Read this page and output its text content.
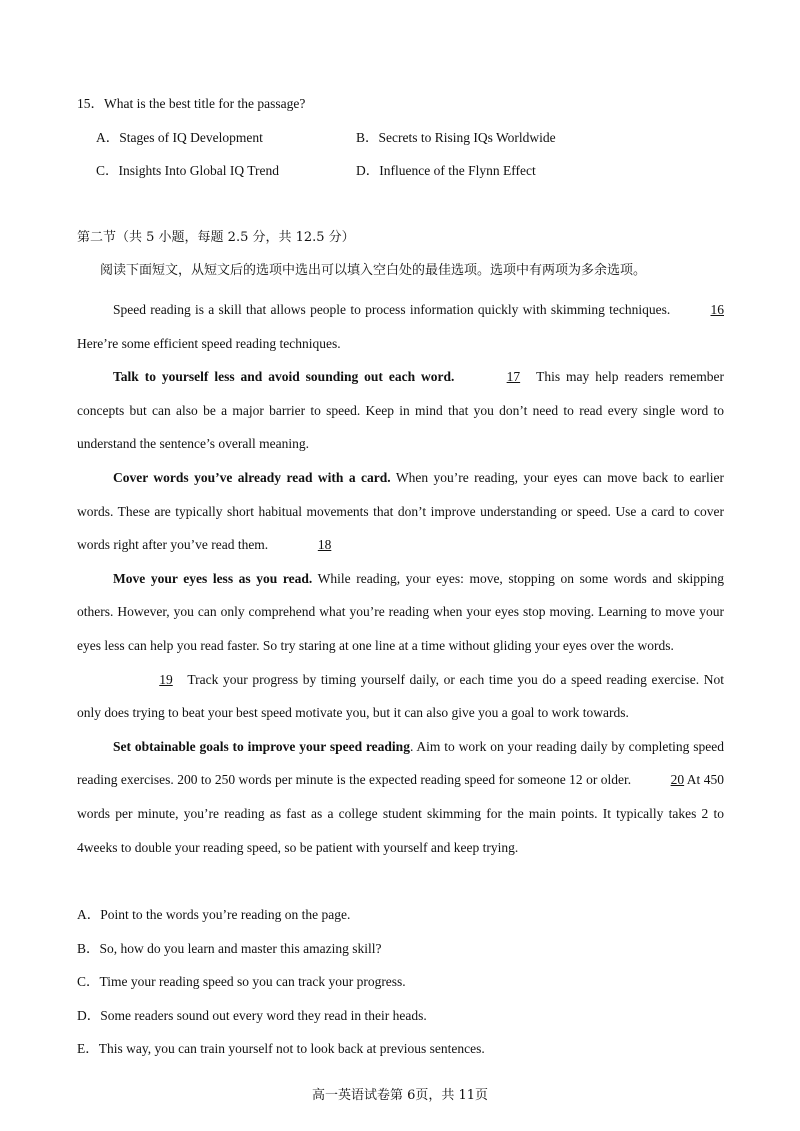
15．What is the best title for the passage?
A．Stages of IQ Development	B．Secrets to Rising IQs Worldwide
C．Insights Into Global IQ Trend	D．Influence of the Flynn Effect
第二节（共 5 小题，每题 2.5 分，共 12.5 分）
阅读下面短文，从短文后的选项中选出可以填入空白处的最佳选项。选项中有两项为多余选项。

Speed reading is a skill that allows people to process information quickly with skimming techniques.	16 Here’re some efficient speed reading techniques.

Talk to yourself less and avoid sounding out each word.	17 This may help readers remember concepts but can also be a major barrier to speed. Keep in mind that you don’t need to read every single word to understand the sentence’s overall meaning.

Cover words you’ve already read with a card. When you’re reading, your eyes can move back to earlier words. These are typically short habitual movements that don’t improve understanding or speed. Use a card to cover words right after you’ve read them.	18

Move your eyes less as you read. While reading, your eyes: move, stopping on some words and skipping others. However, you can only comprehend what you’re reading when your eyes stop moving. Learning to move your eyes less can help you read faster. So try staring at one line at a time without gliding your eyes over the words.

19 Track your progress by timing yourself daily, or each time you do a speed reading exercise. Not only does trying to beat your best speed motivate you, but it can also give you a goal to work towards.

Set obtainable goals to improve your speed reading. Aim to work on your reading daily by completing speed reading exercises. 200 to 250 words per minute is the expected reading speed for someone 12 or older.	20 At 450 words per minute, you’re reading as fast as a college student skimming for the main points. It typically takes 2 to 4weeks to double your reading speed, so be patient with yourself and keep trying.

A．Point to the words you’re reading on the page.
B．So, how do you learn and master this amazing skill?
C．Time your reading speed so you can track your progress.
D．Some readers sound out every word they read in their heads.
E．This way, you can train yourself not to look back at previous sentences.
高一英语试卷第 6页，共 11页
